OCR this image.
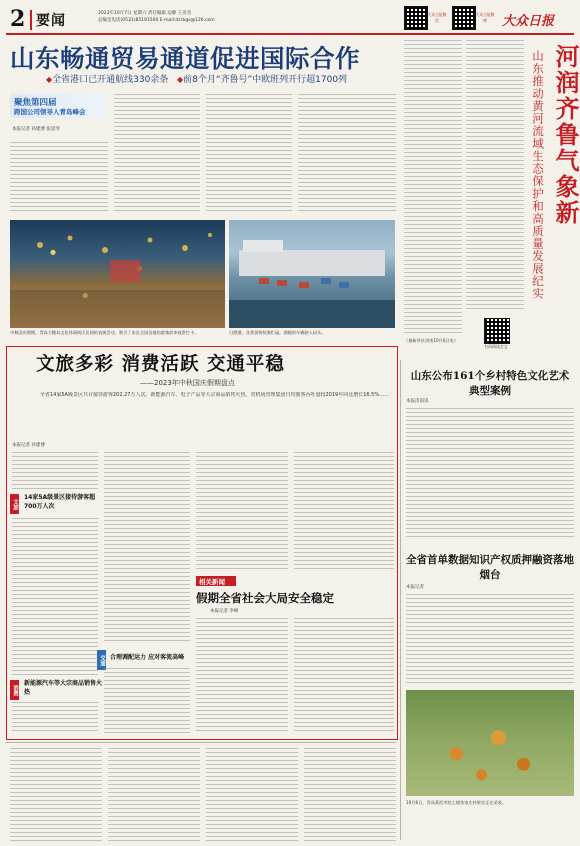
2 要闻	2023年10月7日 星期六 责任编辑 边静 王亚杰
总编室电话(0531)85193500 E-mail:dzrbgs@126.com
大众日报微信
大众日报微博	大众日报
山东畅通贸易通道促进国际合作
◆全省港口已开通航线330余条 ◆前8个月“齐鲁号”中欧班列开行超1700列
聚焦第四届
跨国公司领导人青岛峰会
本报记者 孙建博 张思琴	河润齐鲁气象新
山东推动黄河流域生态保护和高质量发展纪实
扫码阅读全文
（据新华社济南10月6日电）
中秋国庆假期，青岛大鲍岛文化休闲街区民间的表演活动，吸引了来自全国各地的游客前来观赏打卡。	日照港，各类货物装卸忙碌，满载的车辆驶入码头。
文旅多彩 消费活跃 交通平稳
——2023年中秋国庆假期盘点
全省14家5A级景区共计接待游客202.27万人次。新能源汽车、电子产品等大宗商品销售火热，省机场管理集团日均旅客吞吐量较2019年同比增长16.5%……
本报记者 孙建博
文旅
14家5A级景区接待游客超700万人次
消费
新能源汽车等大宗商品销售火热
交通 合理调配运力 应对客流高峰
相关新闻
假期全省社会大局安全稳定
本报记者 李峰
山东公布161个乡村特色文化艺术典型案例
本报济南讯
全省首单数据知识产权质押融资落地烟台
本报记者
10月6日，青岛莱西市院上镇张家庄村果农正在采收。
